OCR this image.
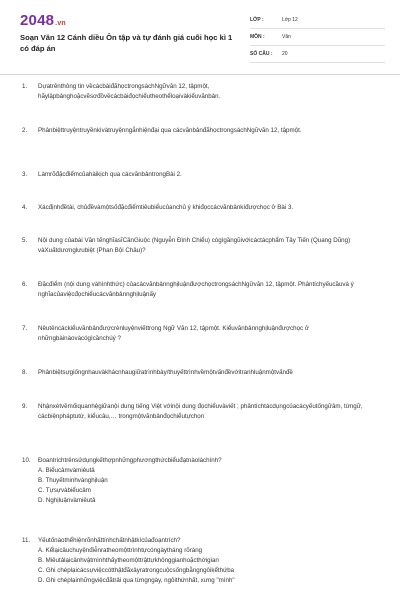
2048.vn
Soạn Văn 12 Cánh diều Ôn tập và tự đánh giá cuối học kì 1 có đáp án
LỚP :	Lớp 12
MÔN :	Văn
SỐ CÂU :	20
1.	Dựatrênthông tin vềcácbàiđãhọctrongsáchNgữvăn 12, tậpmột, hãylậpbảnghoặcvẽsơđồvềcácbàiđọchiểutheothểloạivàkiểuvănbản.
2.	Phânbiệttruyệntruyềnkìvàtruyệnngắnhiệnđại qua cácvănbảnđãhọctrongsáchNgữvăn 12, tậpmột.
3.	Làmrõđặcđiểmcủahàikịch qua cácvănbảntrongBài 2.
4.	Xácđịnhđềtài, chủđềvàmộtsốđặcđiểmtiêubiểucủanchủ ý khiđọccácvănbảnkíđượchọc ở Bài 3.
5.	Nội dung củabài Văn tếnghĩasĩCầnGiuộc (Nguyễn Đình Chiểu) cógìgầngũivớicáctácphẩm Tây Tiến (Quang Dũng) vàXuấtdươnglưubiệt (Phan Bội Châu)?
6.	Đặcđiểm (nội dung vàhìnhthức) củacácvănbảnnghịluậnđượchọctrongsáchNgữvăn 12, tậpmột. Phântíchyếucầuvà ý nghĩacủaviệcđọchiểucácvănbảnnghịluậnấy
7.	Nêutêncáckiểuvănbảnđượcrènluyệnviếttrong Ngữ Văn 12, tậpmột. Kiểuvănbảnnghịluậnđượchọc ở nhữngbàinàovàcógìcầnchúý ?
8.	Phânbiệtsựgiốngnhauvàkhácnhaugiữatrìnhbày/thuyếttrìnhvềmộtvấnđềvớitranhluậnmộtvấnđề
9.	Nhậnxétvềmốiquanhệgiữanội dung tiếng Việt vớinội dung đọchiểuvàviết ; phântíchtácdụngcủacácyếutốngữâm, từngữ, cácbiệnpháptutừ, kiểucâu,… trongmộtvănbảnđọchiểutựchọn
10.	Đoantrichtrênsửdụngkếthợpnhữngphươngthứcbiểuđạtnàolàchính?
A. Biểucảmvàmiêutả
B. Thuyếtminhvànghịluận
C. Tựsựvàbiểucảm
D. Nghịluậnvàmiêutả
11.	Yếutốnàothểhiệnrõnhấttínhchấtnhậtkícủađoạntrích?
A. Kểlạicâuchuyệnđiễnratheomộttrìnhtựcóngàytháng rõràng
B. Miêutảlạicảnhvậtmìnhthấytheomộttrậttựkhônggianhoặcthờigian
C. Ghi chéplạicácsựviệccótthậtđãxảyratrongcuộcsốngbằngngôikểthứba
D. Ghi chéplạinhữngviệcđãtrải qua từngngày, ngôithứnhất, xưng "mình"
